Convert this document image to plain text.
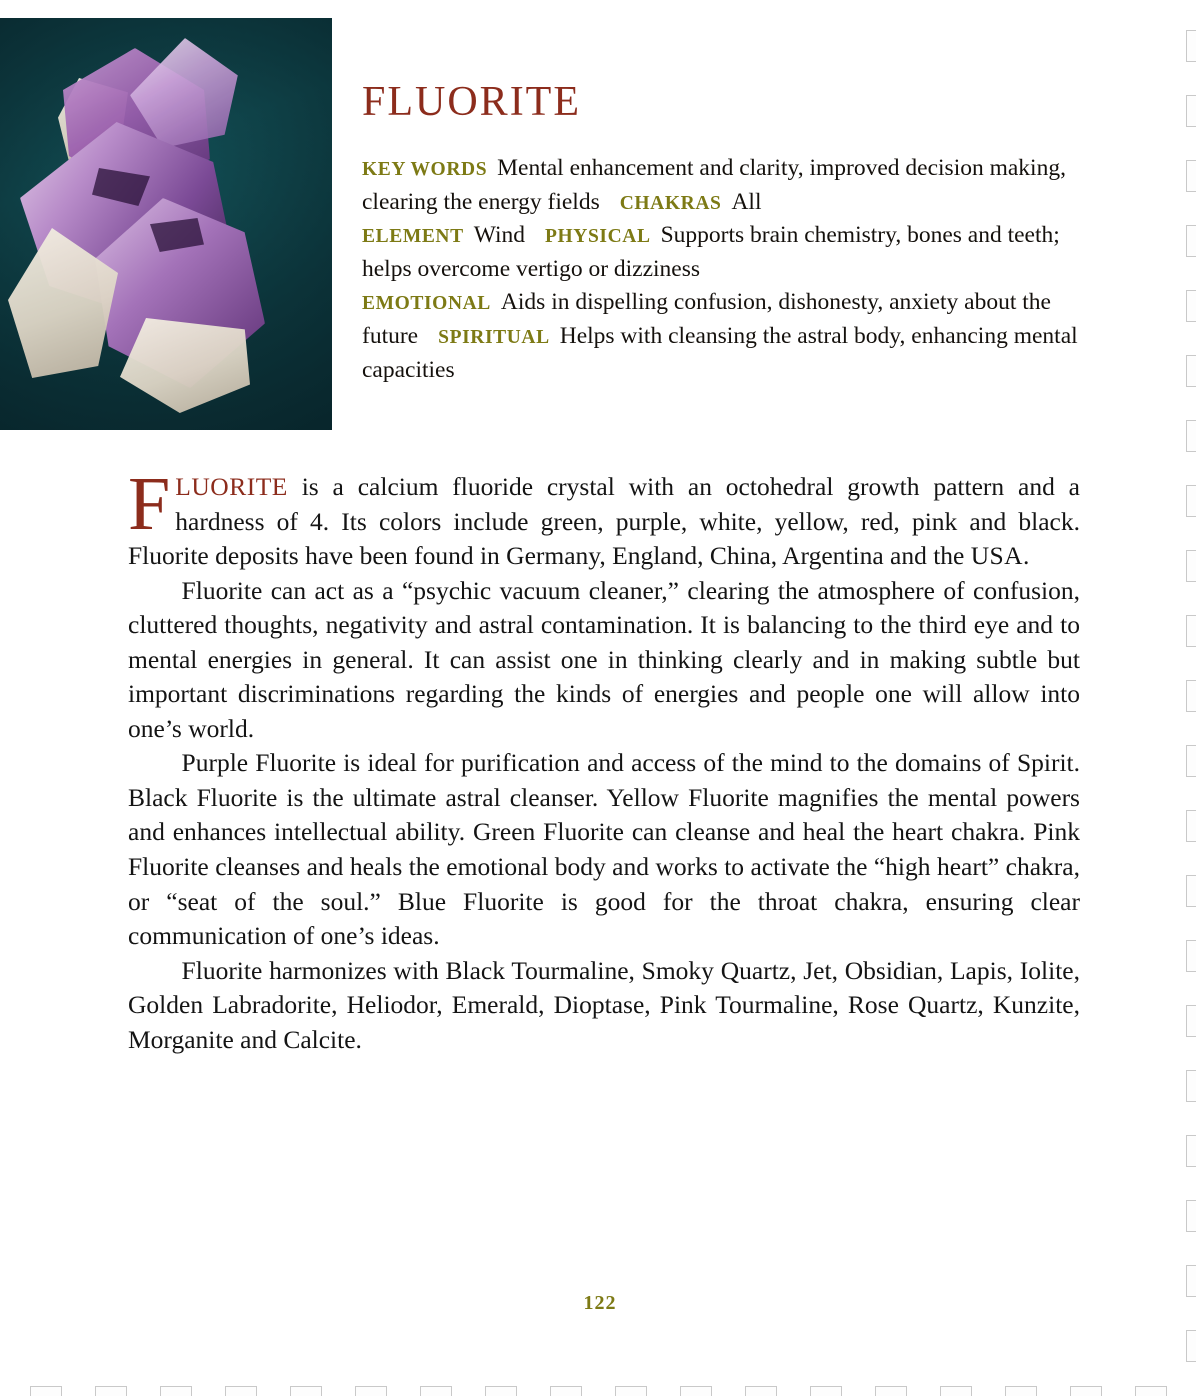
FLUORITE
KEY WORDS Mental enhancement and clarity, improved decision making, clearing the energy fields CHAKRAS All
ELEMENT Wind PHYSICAL Supports brain chemistry, bones and teeth; helps overcome vertigo or dizziness
EMOTIONAL Aids in dispelling confusion, dishonesty, anxiety about the future SPIRITUAL Helps with cleansing the astral body, enhancing mental capacities

FLUORITE is a calcium fluoride crystal with an octohedral growth pattern and a hardness of 4. Its colors include green, purple, white, yellow, red, pink and black. Fluorite deposits have been found in Germany, England, China, Argentina and the USA.

Fluorite can act as a “psychic vacuum cleaner,” clearing the atmosphere of confusion, cluttered thoughts, negativity and astral contamination. It is balancing to the third eye and to mental energies in general. It can assist one in thinking clearly and in making subtle but important discriminations regarding the kinds of energies and people one will allow into one’s world.

Purple Fluorite is ideal for purification and access of the mind to the domains of Spirit. Black Fluorite is the ultimate astral cleanser. Yellow Fluorite magnifies the mental powers and enhances intellectual ability. Green Fluorite can cleanse and heal the heart chakra. Pink Fluorite cleanses and heals the emotional body and works to activate the “high heart” chakra, or “seat of the soul.” Blue Fluorite is good for the throat chakra, ensuring clear communication of one’s ideas.

Fluorite harmonizes with Black Tourmaline, Smoky Quartz, Jet, Obsidian, Lapis, Iolite, Golden Labradorite, Heliodor, Emerald, Dioptase, Pink Tourmaline, Rose Quartz, Kunzite, Morganite and Calcite.

122
